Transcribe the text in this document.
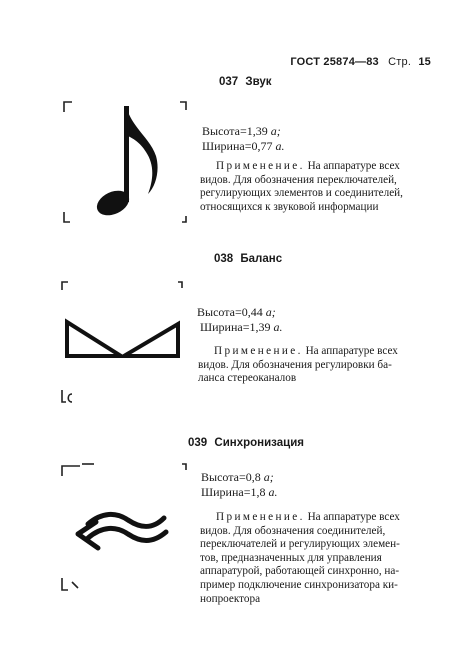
ГОСТ 25874—83 Стр. 15
037 Звук
Высота=1,39 а;
Ширина=0,77 а.
Применение. На аппаратуре всех
видов. Для обозначения переключателей,
регулирующих элементов и соединителей,
относящихся к звуковой информации
038 Баланс
Высота=0,44 а;
Ширина=1,39 а.
Применение. На аппаратуре всех
видов. Для обозначения регулировки ба-
ланса стереоканалов
039 Синхронизация
Высота=0,8 а;
Ширина=1,8 а.
Применение. На аппаратуре всех
видов. Для обозначения соединителей,
переключателей и регулирующих элемен-
тов, предназначенных для управления
аппаратурой, работающей синхронно, на-
пример подключение синхронизатора ки-
нопроектора
